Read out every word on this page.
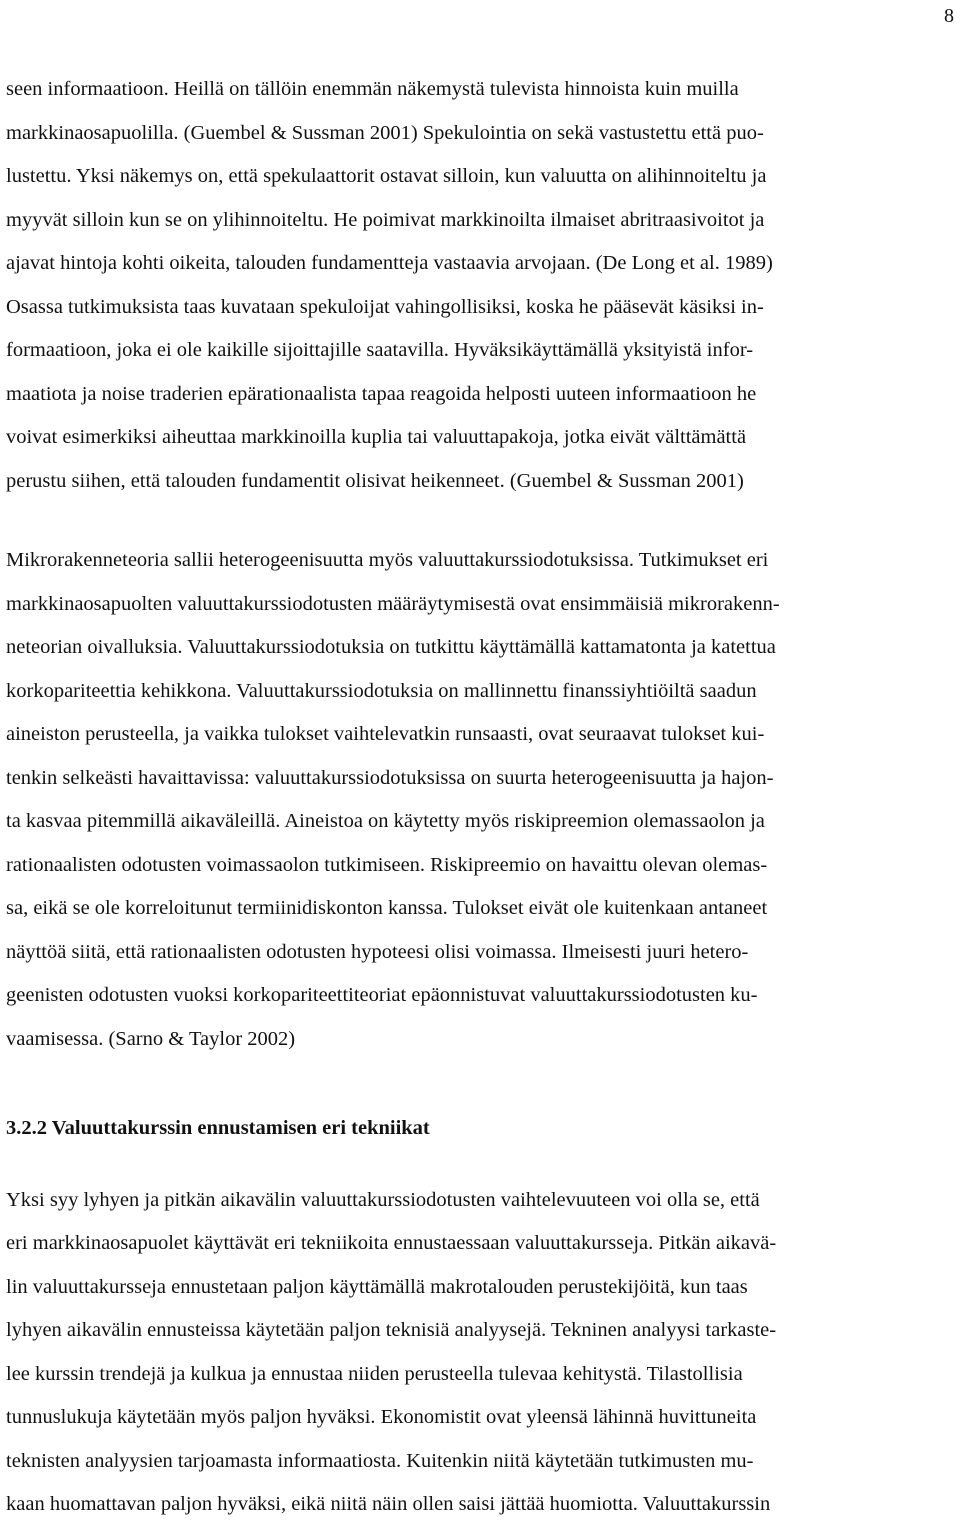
8

seen informaatioon. Heillä on tällöin enemmän näkemystä tulevista hinnoista kuin muilla
markkinaosapuolilla. (Guembel & Sussman 2001) Spekulointia on sekä vastustettu että puo-
lustettu. Yksi näkemys on, että spekulaattorit ostavat silloin, kun valuutta on alihinnoiteltu ja
myyvät silloin kun se on ylihinnoiteltu. He poimivat markkinoilta ilmaiset abritraasivoitot ja
ajavat hintoja kohti oikeita, talouden fundamentteja vastaavia arvojaan. (De Long et al. 1989)
Osassa tutkimuksista taas kuvataan spekuloijat vahingollisiksi, koska he pääsevät käsiksi in-
formaatioon, joka ei ole kaikille sijoittajille saatavilla. Hyväksikäyttämällä yksityistä infor-
maatiota ja noise traderien epärationaalista tapaa reagoida helposti uuteen informaatioon he
voivat esimerkiksi aiheuttaa markkinoilla kuplia tai valuuttapakoja, jotka eivät välttämättä
perustu siihen, että talouden fundamentit olisivat heikenneet. (Guembel & Sussman 2001)

Mikrorakenneteoria sallii heterogeenisuutta myös valuuttakurssiodotuksissa. Tutkimukset eri
markkinaosapuolten valuuttakurssiodotusten määräytymisestä ovat ensimmäisiä mikrorakenn-
neteorian oivalluksia. Valuuttakurssiodotuksia on tutkittu käyttämällä kattamatonta ja katettua
korkopariteettia kehikkona. Valuuttakurssiodotuksia on mallinnettu finanssiyhtiöiltä saadun
aineiston perusteella, ja vaikka tulokset vaihtelevatkin runsaasti, ovat seuraavat tulokset kui-
tenkin selkeästi havaittavissa: valuuttakurssiodotuksissa on suurta heterogeenisuutta ja hajon-
ta kasvaa pitemmillä aikaväleillä. Aineistoa on käytetty myös riskipreemion olemassaolon ja
rationaalisten odotusten voimassaolon tutkimiseen. Riskipreemio on havaittu olevan olemas-
sa, eikä se ole korreloitunut termiinidiskonton kanssa. Tulokset eivät ole kuitenkaan antaneet
näyttöä siitä, että rationaalisten odotusten hypoteesi olisi voimassa. Ilmeisesti juuri hetero-
geenisten odotusten vuoksi korkopariteettiteoriat epäonnistuvat valuuttakurssiodotusten ku-
vaamisessa. (Sarno & Taylor 2002)

3.2.2 Valuuttakurssin ennustamisen eri tekniikat

Yksi syy lyhyen ja pitkän aikavälin valuuttakurssiodotusten vaihtelevuuteen voi olla se, että
eri markkinaosapuolet käyttävät eri tekniikoita ennustaessaan valuuttakursseja. Pitkän aikavä-
lin valuuttakursseja ennustetaan paljon käyttämällä makrotalouden perustekijöitä, kun taas
lyhyen aikavälin ennusteissa käytetään paljon teknisiä analyysejä. Tekninen analyysi tarkaste-
lee kurssin trendejä ja kulkua ja ennustaa niiden perusteella tulevaa kehitystä. Tilastollisia
tunnuslukuja käytetään myös paljon hyväksi. Ekonomistit ovat yleensä lähinnä huvittuneita
teknisten analyysien tarjoamasta informaatiosta. Kuitenkin niitä käytetään tutkimusten mu-
kaan huomattavan paljon hyväksi, eikä niitä näin ollen saisi jättää huomiotta. Valuuttakurssin
